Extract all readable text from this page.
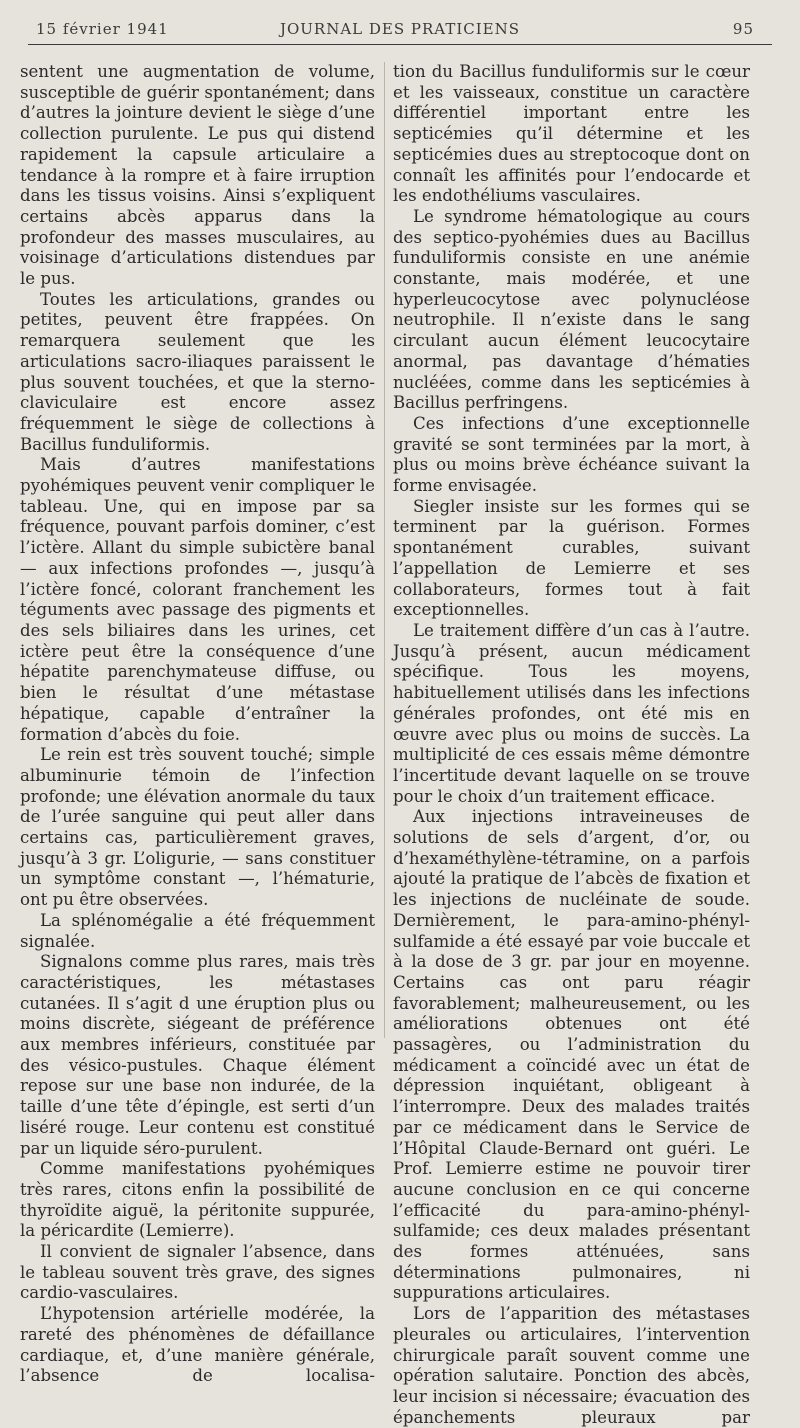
15 février 1941	JOURNAL DES PRATICIENS	95

sentent une augmentation de volume, susceptible de guérir spontanément; dans d’autres la jointure devient le siège d’une collection purulente. Le pus qui distend rapidement la capsule articulaire a tendance à la rompre et à faire irruption dans les tissus voisins. Ainsi s’expliquent certains abcès apparus dans la profondeur des masses musculaires, au voisinage d’articulations distendues par le pus.

Toutes les articulations, grandes ou petites, peuvent être frappées. On remarquera seulement que les articulations sacro-iliaques paraissent le plus souvent touchées, et que la sterno-claviculaire est encore assez fréquemment le siège de collections à Bacillus funduliformis.

Mais d’autres manifestations pyohémiques peuvent venir compliquer le tableau. Une, qui en impose par sa fréquence, pouvant parfois dominer, c’est l’ictère. Allant du simple subictère banal — aux infections profondes —, jusqu’à l’ictère foncé, colorant franchement les téguments avec passage des pigments et des sels biliaires dans les urines, cet ictère peut être la conséquence d’une hépatite parenchymateuse diffuse, ou bien le résultat d’une métastase hépatique, capable d’entraîner la formation d’abcès du foie.

Le rein est très souvent touché; simple albuminurie témoin de l’infection profonde; une élévation anormale du taux de l’urée sanguine qui peut aller dans certains cas, particulièrement graves, jusqu’à 3 gr. L’oligurie, — sans constituer un symptôme constant —, l’hématurie, ont pu être observées.

La splénomégalie a été fréquemment signalée.

Signalons comme plus rares, mais très caractéristiques, les métastases cutanées. Il s’agit d une éruption plus ou moins discrète, siégeant de préférence aux membres inférieurs, constituée par des vésico-pustules. Chaque élément repose sur une base non indurée, de la taille d’une tête d’épingle, est serti d’un liséré rouge. Leur contenu est constitué par un liquide séro-purulent.

Comme manifestations pyohémiques très rares, citons enfin la possibilité de thyroïdite aiguë, la péritonite suppurée, la péricardite (Lemierre).

Il convient de signaler l’absence, dans le tableau souvent très grave, des signes cardio-vasculaires.

L’hypotension artérielle modérée, la rareté des phénomènes de défaillance cardiaque, et, d’une manière générale, l’absence de localisa-

tion du Bacillus funduliformis sur le cœur et les vaisseaux, constitue un caractère différentiel important entre les septicémies qu’il détermine et les septicémies dues au streptocoque dont on connaît les affinités pour l’endocarde et les endothéliums vasculaires.

Le syndrome hématologique au cours des septico-pyohémies dues au Bacillus funduliformis consiste en une anémie constante, mais modérée, et une hyperleucocytose avec polynucléose neutrophile. Il n’existe dans le sang circulant aucun élément leucocytaire anormal, pas davantage d’hématies nucléées, comme dans les septicémies à Bacillus perfringens.

Ces infections d’une exceptionnelle gravité se sont terminées par la mort, à plus ou moins brève échéance suivant la forme envisagée.

Siegler insiste sur les formes qui se terminent par la guérison. Formes spontanément curables, suivant l’appellation de Lemierre et ses collaborateurs, formes tout à fait exceptionnelles.

Le traitement diffère d’un cas à l’autre. Jusqu’à présent, aucun médicament spécifique. Tous les moyens, habituellement utilisés dans les infections générales profondes, ont été mis en œuvre avec plus ou moins de succès. La multiplicité de ces essais même démontre l’incertitude devant laquelle on se trouve pour le choix d’un traitement efficace.

Aux injections intraveineuses de solutions de sels d’argent, d’or, ou d’hexaméthylène-tétramine, on a parfois ajouté la pratique de l’abcès de fixation et les injections de nucléinate de soude. Dernièrement, le para-amino-phényl-sulfamide a été essayé par voie buccale et à la dose de 3 gr. par jour en moyenne. Certains cas ont paru réagir favorablement; malheureusement, ou les améliorations obtenues ont été passagères, ou l’administration du médicament a coïncidé avec un état de dépression inquiétant, obligeant à l’interrompre. Deux des malades traités par ce médicament dans le Service de l’Hôpital Claude-Bernard ont guéri. Le Prof. Lemierre estime ne pouvoir tirer aucune conclusion en ce qui concerne l’efficacité du para-amino-phényl-sulfamide; ces deux malades présentant des formes atténuées, sans déterminations pulmonaires, ni suppurations articulaires.

Lors de l’apparition des métastases pleurales ou articulaires, l’intervention chirurgicale paraît souvent comme une opération salutaire. Ponction des abcès, leur incision si nécessaire; évacuation des épanchements pleuraux par
